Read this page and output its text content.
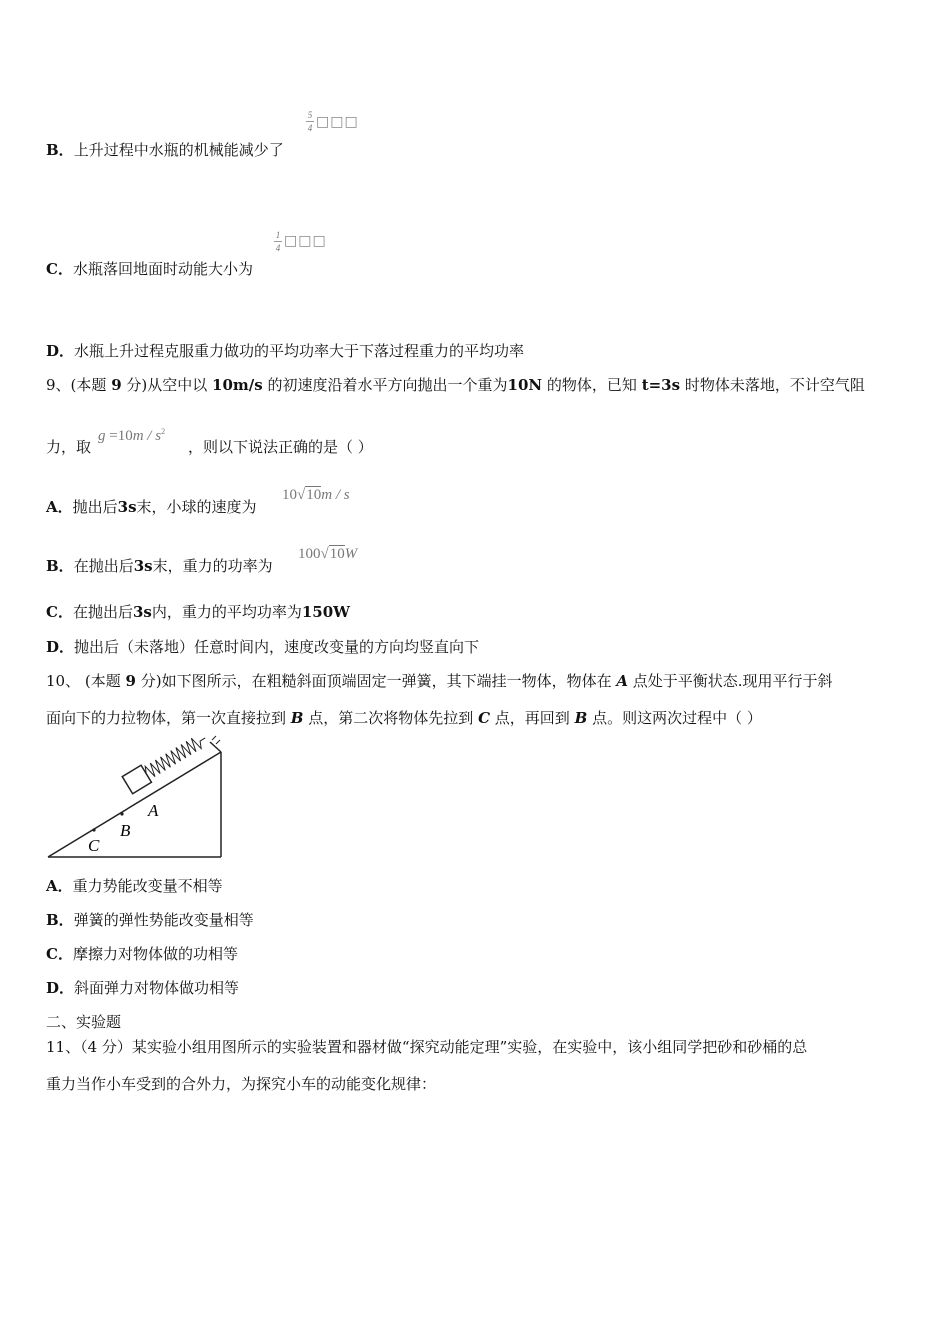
5
4 □□□
B．上升过程中水瓶的机械能减少了
1
4 □□□
C．水瓶落回地面时动能大小为
D．水瓶上升过程克服重力做功的平均功率大于下落过程重力的平均功率
9、(本题 9 分)从空中以 10m/s 的初速度沿着水平方向抛出一个重为10N 的物体，已知 t=3s 时物体未落地，不计空气阻
力，取
$g =10m / s^2$
，则以下说法正确的是（ ）
A．抛出后3s末，小球的速度为
10√10m / s
B．在抛出后3s末，重力的功率为
100√10W
C．在抛出后3s内，重力的平均功率为150W
D．抛出后（未落地）任意时间内，速度改变量的方向均竖直向下
10、 (本题 9 分)如下图所示，在粗糙斜面顶端固定一弹簧，其下端挂一物体，物体在 A 点处于平衡状态.现用平行于斜
面向下的力拉物体，第一次直接拉到 B 点，第二次将物体先拉到 C 点，再回到 B 点。则这两次过程中（ ）
A
B
C
A．重力势能改变量不相等
B．弹簧的弹性势能改变量相等
C．摩擦力对物体做的功相等
D．斜面弹力对物体做功相等
二、实验题
11、（4 分）某实验小组用图所示的实验装置和器材做“探究动能定理”实验，在实验中，该小组同学把砂和砂桶的总
重力当作小车受到的合外力，为探究小车的动能变化规律：
